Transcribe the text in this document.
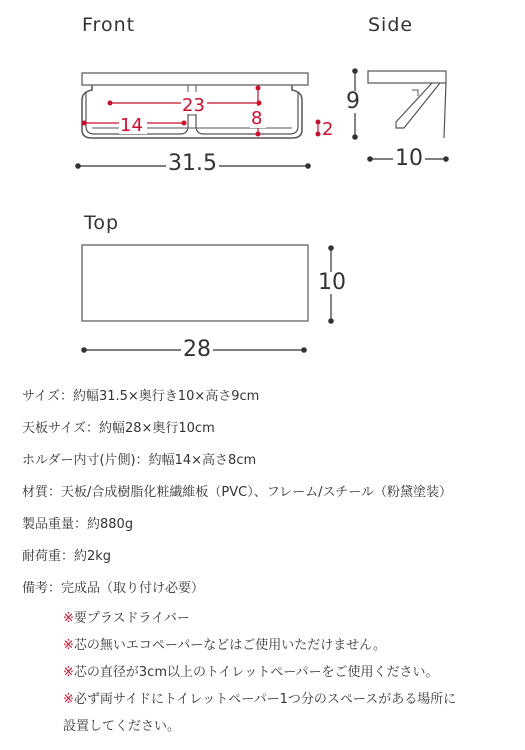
Front
23
14	8
2
31.5
Side
9
10
Top
10
28
サイズ：約幅31.5×奥行き10×高さ9cm
天板サイズ：約幅28×奥行10cm
ホルダー内寸(片側)：約幅14×高さ8cm
材質：天板/合成樹脂化粧繊維板（PVC）、フレーム/スチール（粉黛塗装）
製品重量：約880g
耐荷重：約2kg
備考：完成品（取り付け必要）
※要プラスドライバー
※芯の無いエコペーパーなどはご使用いただけません。
※芯の直径が3cm以上のトイレットペーパーをご使用ください。
※必ず両サイドにトイレットペーパー1つ分のスペースがある場所に
設置してください。
